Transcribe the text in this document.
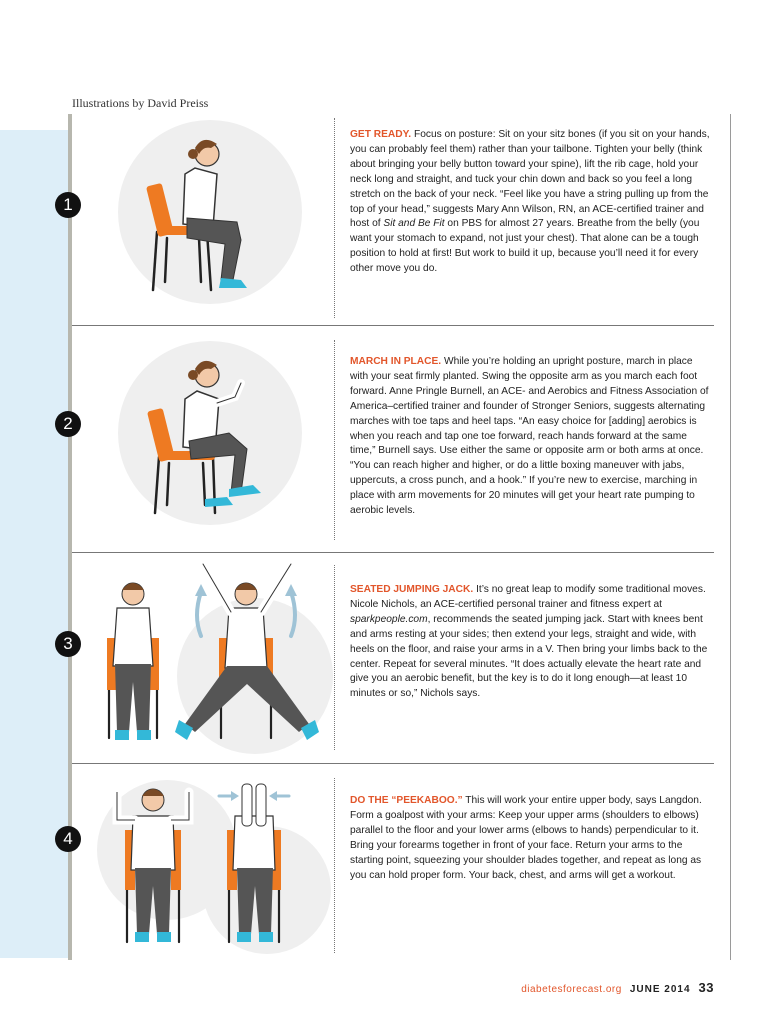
Illustrations by David Preiss
1

GET READY. Focus on posture: Sit on your sitz bones (if you sit on your hands, you can probably feel them) rather than your tailbone. Tighten your belly (think about bringing your belly button toward your spine), lift the rib cage, hold your neck long and straight, and tuck your chin down and back so you feel a long stretch on the back of your neck. “Feel like you have a string pulling up from the top of your head,” suggests Mary Ann Wilson, RN, an ACE-certified trainer and host of Sit and Be Fit on PBS for almost 27 years. Breathe from the belly (you want your stomach to expand, not just your chest). That alone can be a tough position to hold at first! But work to build it up, because you’ll need it for every other move you do.

2

MARCH IN PLACE. While you’re holding an upright posture, march in place with your seat firmly planted. Swing the opposite arm as you march each foot forward. Anne Pringle Burnell, an ACE- and Aerobics and Fitness Association of America–certified trainer and founder of Stronger Seniors, suggests alternating marches with toe taps and heel taps. “An easy choice for [adding] aerobics is when you reach and tap one toe forward, reach hands forward at the same time,” Burnell says. Use either the same or opposite arm or both arms at once. “You can reach higher and higher, or do a little boxing maneuver with jabs, uppercuts, a cross punch, and a hook.” If you’re new to exercise, marching in place with arm movements for 20 minutes will get your heart rate pumping to aerobic levels.

3

SEATED JUMPING JACK. It’s no great leap to modify some traditional moves. Nicole Nichols, an ACE-certified personal trainer and fitness expert at sparkpeople.com, recommends the seated jumping jack. Start with knees bent and arms resting at your sides; then extend your legs, straight and wide, with heels on the floor, and raise your arms in a V. Then bring your limbs back to the center. Repeat for several minutes. “It does actually elevate the heart rate and give you an aerobic benefit, but the key is to do it long enough—at least 10 minutes or so,” Nichols says.

4

DO THE “PEEKABOO.” This will work your entire upper body, says Langdon. Form a goalpost with your arms: Keep your upper arms (shoulders to elbows) parallel to the floor and your lower arms (elbows to hands) perpendicular to it. Bring your forearms together in front of your face. Return your arms to the starting point, squeezing your shoulder blades together, and repeat as long as you can hold proper form. Your back, chest, and arms will get a workout.

diabetesforecast.org JUNE 2014 33
